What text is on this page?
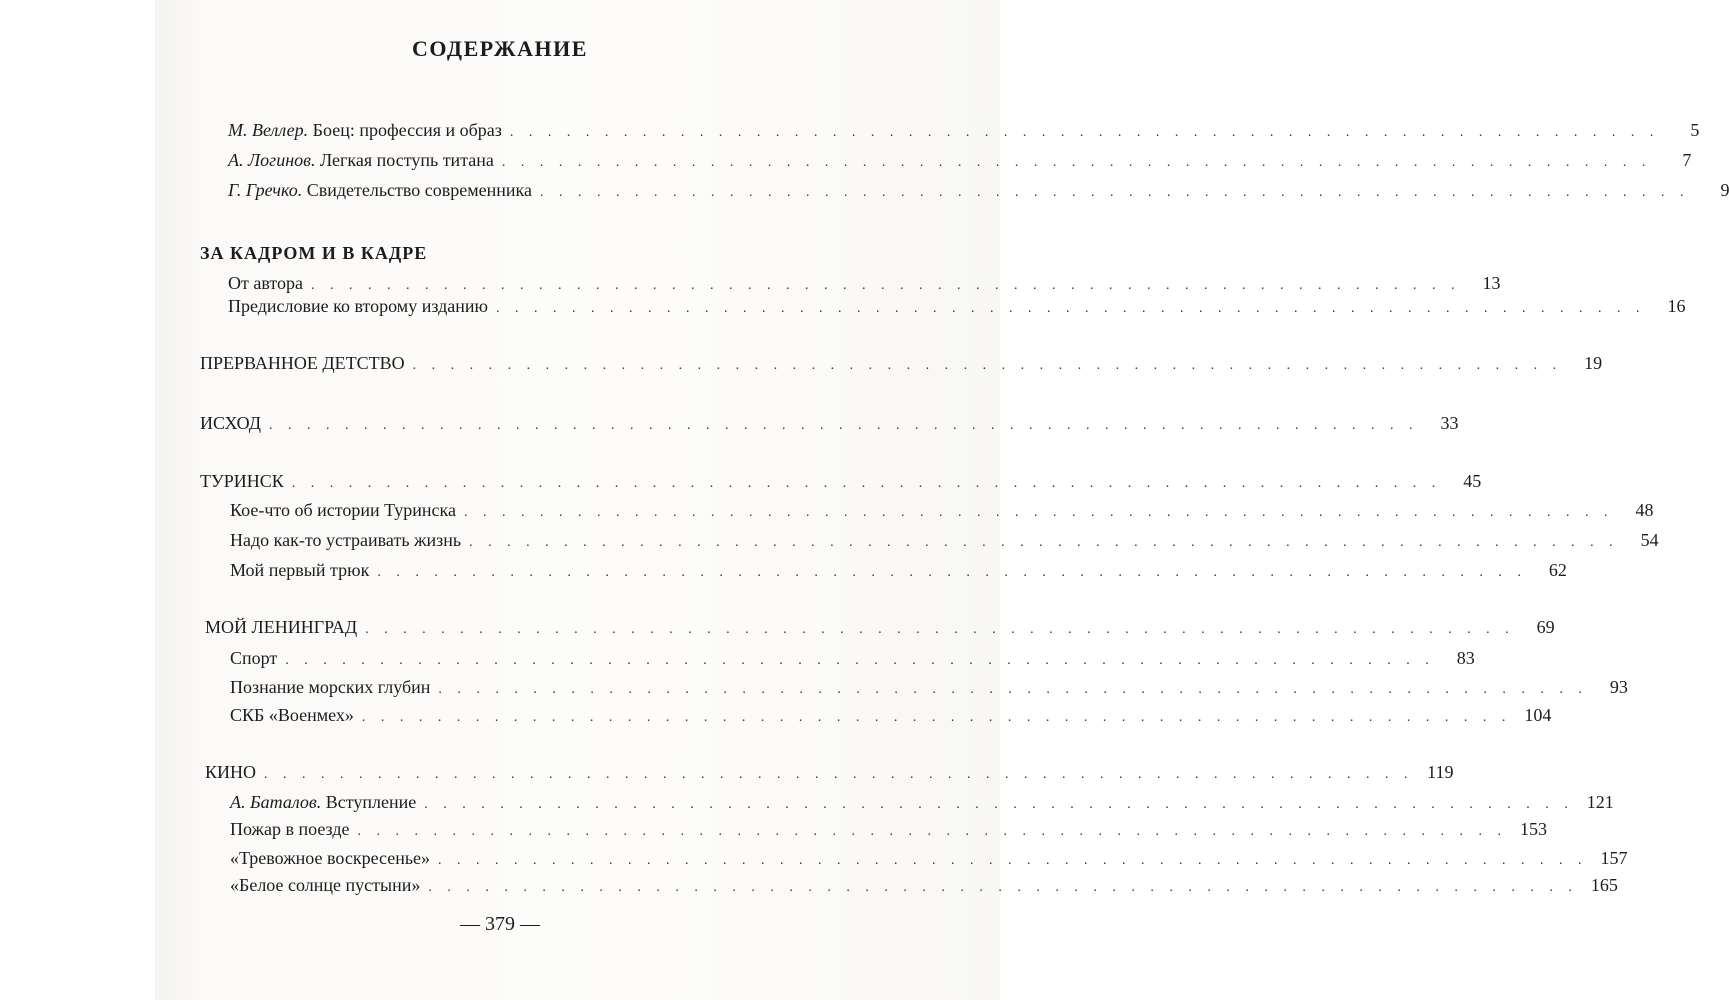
СОДЕРЖАНИЕ
ЗА КАДРОМ И В КАДРЕ
М. Веллер. Боец: профессия и образ . . . . . . . . . . . . . . . . . . . . . . . . . . . . . . . . . . . . . . . . . . . . . . . . . . . . . . . . . . . . .	5
А. Логинов. Легкая поступь титана . . . . . . . . . . . . . . . . . . . . . . . . . . . . . . . . . . . . . . . . . . . . . . . . . . . . . . . . . . . . .	7
Г. Гречко. Свидетельство современника . . . . . . . . . . . . . . . . . . . . . . . . . . . . . . . . . . . . . . . . . . . . . . . . . . . . . . . . . . . . .	9
От автора . . . . . . . . . . . . . . . . . . . . . . . . . . . . . . . . . . . . . . . . . . . . . . . . . . . . . . . . . . . . .	13
Предисловие ко второму изданию . . . . . . . . . . . . . . . . . . . . . . . . . . . . . . . . . . . . . . . . . . . . . . . . . . . . . . . . . . . . .	16
ПРЕРВАННОЕ ДЕТСТВО . . . . . . . . . . . . . . . . . . . . . . . . . . . . . . . . . . . . . . . . . . . . . . . . . . . . . . . . . . . . .	19
ИСХОД . . . . . . . . . . . . . . . . . . . . . . . . . . . . . . . . . . . . . . . . . . . . . . . . . . . . . . . . . . . . .	33
ТУРИНСК . . . . . . . . . . . . . . . . . . . . . . . . . . . . . . . . . . . . . . . . . . . . . . . . . . . . . . . . . . . . .	45
Кое-что об истории Туринска . . . . . . . . . . . . . . . . . . . . . . . . . . . . . . . . . . . . . . . . . . . . . . . . . . . . . . . . . . . . .	48
Надо как-то устраивать жизнь . . . . . . . . . . . . . . . . . . . . . . . . . . . . . . . . . . . . . . . . . . . . . . . . . . . . . . . . . . . . .	54
Мой первый трюк . . . . . . . . . . . . . . . . . . . . . . . . . . . . . . . . . . . . . . . . . . . . . . . . . . . . . . . . . . . . .	62
МОЙ ЛЕНИНГРАД . . . . . . . . . . . . . . . . . . . . . . . . . . . . . . . . . . . . . . . . . . . . . . . . . . . . . . . . . . . . .	69
Спорт . . . . . . . . . . . . . . . . . . . . . . . . . . . . . . . . . . . . . . . . . . . . . . . . . . . . . . . . . . . . .	83
Познание морских глубин . . . . . . . . . . . . . . . . . . . . . . . . . . . . . . . . . . . . . . . . . . . . . . . . . . . . . . . . . . . . .	93
СКБ «Военмех» . . . . . . . . . . . . . . . . . . . . . . . . . . . . . . . . . . . . . . . . . . . . . . . . . . . . . . . . . . . . . 104
КИНО . . . . . . . . . . . . . . . . . . . . . . . . . . . . . . . . . . . . . . . . . . . . . . . . . . . . . . . . . . . . . 119
А. Баталов. Вступление . . . . . . . . . . . . . . . . . . . . . . . . . . . . . . . . . . . . . . . . . . . . . . . . . . . . . . . . . . . . . 121
Пожар в поезде . . . . . . . . . . . . . . . . . . . . . . . . . . . . . . . . . . . . . . . . . . . . . . . . . . . . . . . . . . . . . 153
«Тревожное воскресенье» . . . . . . . . . . . . . . . . . . . . . . . . . . . . . . . . . . . . . . . . . . . . . . . . . . . . . . . . . . . . . 157
«Белое солнце пустыни» . . . . . . . . . . . . . . . . . . . . . . . . . . . . . . . . . . . . . . . . . . . . . . . . . . . . . . . . . . . . . 165
— 379 —
